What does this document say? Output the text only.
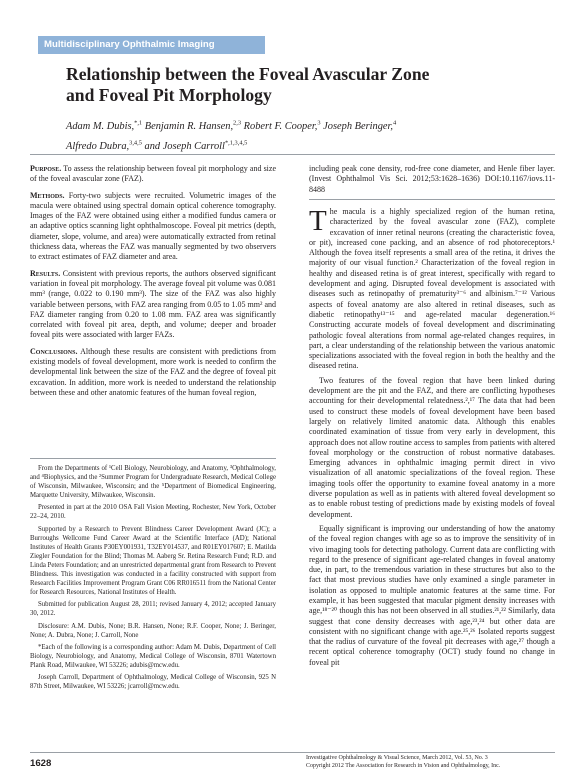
Multidisciplinary Ophthalmic Imaging
Relationship between the Foveal Avascular Zone
and Foveal Pit Morphology
Adam M. Dubis,$^{*,1}$ Benjamin R. Hansen,$^{2,3}$ Robert F. Cooper,$^3$ Joseph Beringer,$^4$
Alfredo Dubra,$^{3,4,5}$ and Joseph Carroll$^{*,1,3,4,5}$

Purpose. To assess the relationship between foveal pit morphology and size of the foveal avascular zone (FAZ).

Methods. Forty-two subjects were recruited. Volumetric images of the macula were obtained using spectral domain optical coherence tomography. Images of the FAZ were obtained using either a modified fundus camera or an adaptive optics scanning light ophthalmoscope. Foveal pit metrics (depth, diameter, slope, volume, and area) were automatically extracted from retinal thickness data, whereas the FAZ was manually segmented by two observers to extract estimates of FAZ diameter and area.

Results. Consistent with previous reports, the authors observed significant variation in foveal pit morphology. The average foveal pit volume was 0.081 mm³ (range, 0.022 to 0.190 mm³). The size of the FAZ was also highly variable between persons, with FAZ area ranging from 0.05 to 1.05 mm² and FAZ diameter ranging from 0.20 to 1.08 mm. FAZ area was significantly correlated with foveal pit area, depth, and volume; deeper and broader foveal pits were associated with larger FAZs.

Conclusions. Although these results are consistent with predictions from existing models of foveal development, more work is needed to confirm the developmental link between the size of the FAZ and the degree of foveal pit excavation. In addition, more work is needed to understand the relationship between these and other anatomic features of the human foveal region,

including peak cone density, rod-free cone diameter, and Henle fiber layer. (Invest Ophthalmol Vis Sci. 2012;53:1628–1636) DOI:10.1167/iovs.11-8488

From the Departments of ¹Cell Biology, Neurobiology, and Anatomy, ³Ophthalmology, and ⁴Biophysics, and the ²Summer Program for Undergraduate Research, Medical College of Wisconsin, Milwaukee, Wisconsin; and the ⁵Department of Biomedical Engineering, Marquette University, Milwaukee, Wisconsin.

Presented in part at the 2010 OSA Fall Vision Meeting, Rochester, New York, October 22–24, 2010.

Supported by a Research to Prevent Blindness Career Development Award (JC); a Burroughs Wellcome Fund Career Award at the Scientific Interface (AD); National Institutes of Health Grants P30EY001931, T32EY014537, and R01EY017607; E. Matilda Ziegler Foundation for the Blind; Thomas M. Aaberg Sr. Retina Research Fund; R.D. and Linda Peters Foundation; and an unrestricted departmental grant from Research to Prevent Blindness. This investigation was conducted in a facility constructed with support from Research Facilities Improvement Program Grant C06 RR016511 from the National Center for Research Resources, National Institutes of Health.

Submitted for publication August 28, 2011; revised January 4, 2012; accepted January 30, 2012.

Disclosure: A.M. Dubis, None; B.R. Hansen, None; R.F. Cooper, None; J. Beringer, None; A. Dubra, None; J. Carroll, None

*Each of the following is a corresponding author: Adam M. Dubis, Department of Cell Biology, Neurobiology, and Anatomy, Medical College of Wisconsin, 8701 Watertown Plank Road, Milwaukee, WI 53226; adubis@mcw.edu.

Joseph Carroll, Department of Ophthalmology, Medical College of Wisconsin, 925 N 87th Street, Milwaukee, WI 53226; jcarroll@mcw.edu.

The macula is a highly specialized region of the human retina, characterized by the foveal avascular zone (FAZ), complete excavation of inner retinal neurons (creating the characteristic fovea, or pit), increased cone packing, and an absence of rod photoreceptors.¹ Although the fovea itself represents a small area of the retina, it drives the majority of our visual function.² Characterization of the foveal region in healthy and diseased retina is of great interest, specifically with regard to development and aging. Disrupted foveal development is associated with diseases such as retinopathy of prematurity³⁻⁶ and albinism.⁷⁻¹² Various aspects of foveal anatomy are also altered in retinal diseases, such as diabetic retinopathy¹³⁻¹⁵ and age-related macular degeneration.¹⁶ Constructing accurate models of foveal development and discriminating pathologic foveal alterations from normal age-related changes requires, in part, a clear understanding of the relationship between the various anatomic specializations associated with the foveal region in both the healthy and the diseased retina.

Two features of the foveal region that have been linked during development are the pit and the FAZ, and there are conflicting hypotheses accounting for their developmental relatedness.²,¹⁷ The data that had been used to construct these models of foveal development have been based largely on relatively limited anatomic data. Although this enables coordinated examination of tissue from very early in development, this approach does not allow routine access to samples from patients with altered foveal morphology or the construction of robust normative databases. Emerging advances in ophthalmic imaging permit direct in vivo visualization of all anatomic specializations of the foveal region. These imaging tools offer the opportunity to examine foveal anatomy in a more diverse population as well as in patients with altered foveal development so as to enable robust testing of predictions made by existing models of foveal development.

Equally significant is improving our understanding of how the anatomy of the foveal region changes with age so as to improve the sensitivity of in vivo imaging tools for detecting pathology. Current data are conflicting with regard to the presence of significant age-related changes in foveal anatomy due, in part, to the tremendous variation in these structures but also to the fact that most previous studies have only examined a single parameter in isolation as opposed to multiple anatomic features at the same time. For example, it has been suggested that macular pigment density increases with age,¹⁸⁻²⁰ though this has not been observed in all studies.²¹,²² Similarly, data suggest that cone density decreases with age,²³,²⁴ but other data are consistent with no significant change with age.²⁵,²⁶ Isolated reports suggest that the radius of curvature of the foveal pit decreases with age,²⁷ though a recent optical coherence tomography (OCT) study found no change in foveal pit

1628	Investigative Ophthalmology & Visual Science, March 2012, Vol. 53, No. 3
Copyright 2012 The Association for Research in Vision and Ophthalmology, Inc.
